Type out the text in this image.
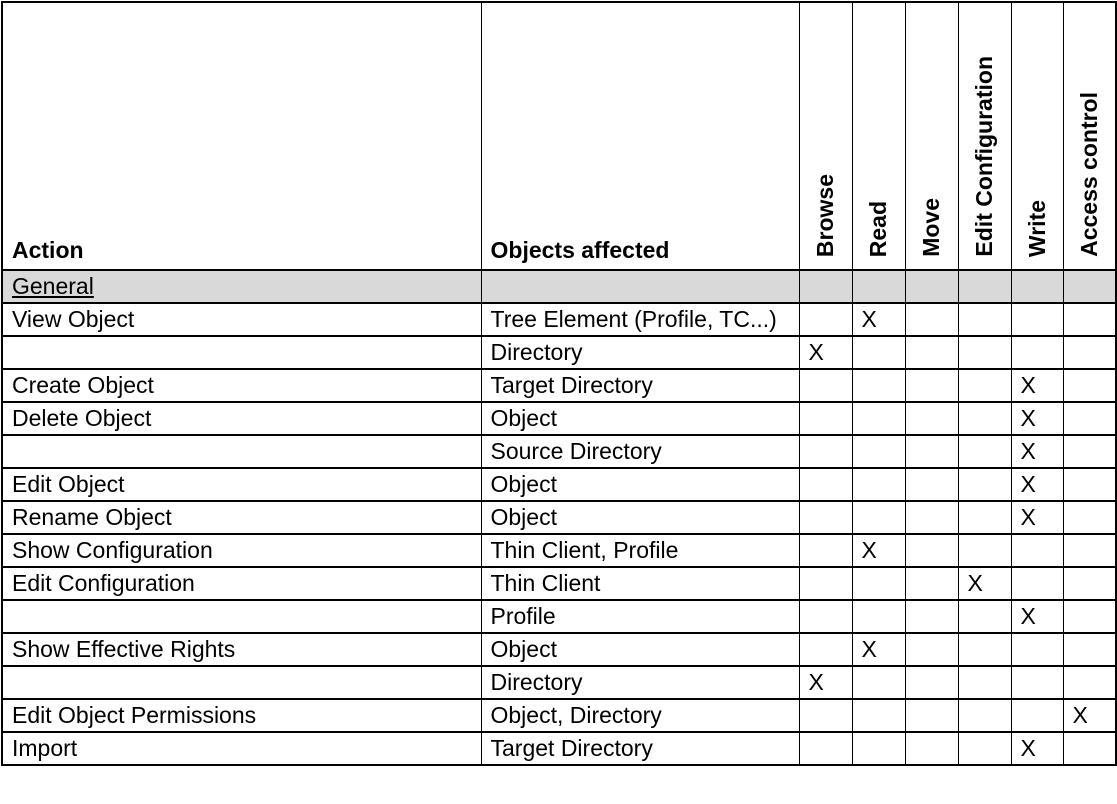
Action	Objects affected	Browse	Read	Move	Edit Configuration	Write	Access control
General							
View Object	Tree Element (Profile, TC...)		X				
	Directory	X					
Create Object	Target Directory					X	
Delete Object	Object					X	
	Source Directory					X	
Edit Object	Object					X	
Rename Object	Object					X	
Show Configuration	Thin Client, Profile		X				
Edit Configuration	Thin Client				X		
	Profile					X	
Show Effective Rights	Object		X				
	Directory	X					
Edit Object Permissions	Object, Directory						X
Import	Target Directory					X	
